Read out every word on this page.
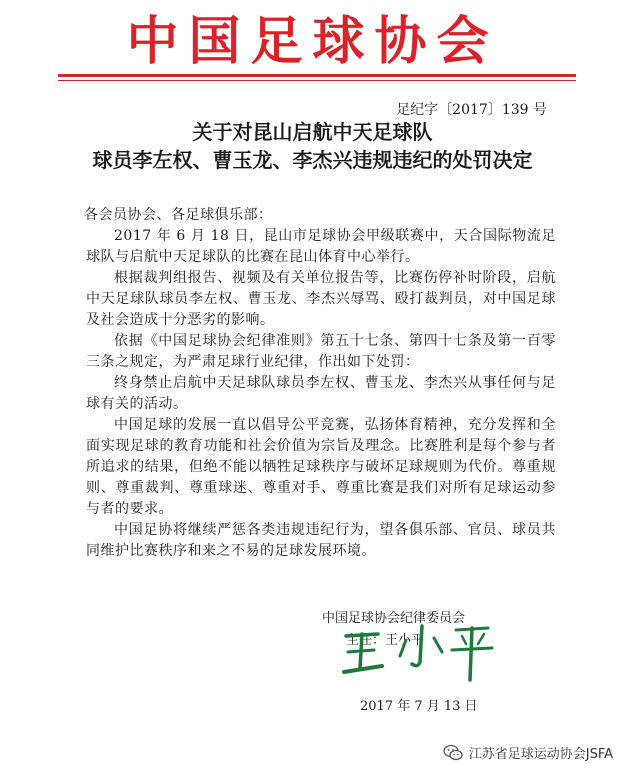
中国足球协会
足纪字〔2017〕139 号
关于对昆山启航中天足球队
球员李左权、曹玉龙、李杰兴违规违纪的处罚决定

各会员协会、各足球俱乐部：

2017 年 6 月 18 日，昆山市足球协会甲级联赛中，天合国际物流足球队与启航中天足球队的比赛在昆山体育中心举行。

根据裁判组报告、视频及有关单位报告等，比赛伤停补时阶段，启航中天足球队球员李左权、曹玉龙、李杰兴辱骂、殴打裁判员，对中国足球及社会造成十分恶劣的影响。

依据《中国足球协会纪律准则》第五十七条、第四十七条及第一百零三条之规定，为严肃足球行业纪律，作出如下处罚：

终身禁止启航中天足球队球员李左权、曹玉龙、李杰兴从事任何与足球有关的活动。

中国足球的发展一直以倡导公平竞赛，弘扬体育精神，充分发挥和全面实现足球的教育功能和社会价值为宗旨及理念。比赛胜利是每个参与者所追求的结果，但绝不能以牺牲足球秩序与破坏足球规则为代价。尊重规则、尊重裁判、尊重球迷、尊重对手、尊重比赛是我们对所有足球运动参与者的要求。

中国足协将继续严惩各类违规违纪行为，望各俱乐部、官员、球员共同维护比赛秩序和来之不易的足球发展环境。

中国足球协会纪律委员会
主任：王小平
2017 年 7 月 13 日
江苏省足球运动协会JSFA
